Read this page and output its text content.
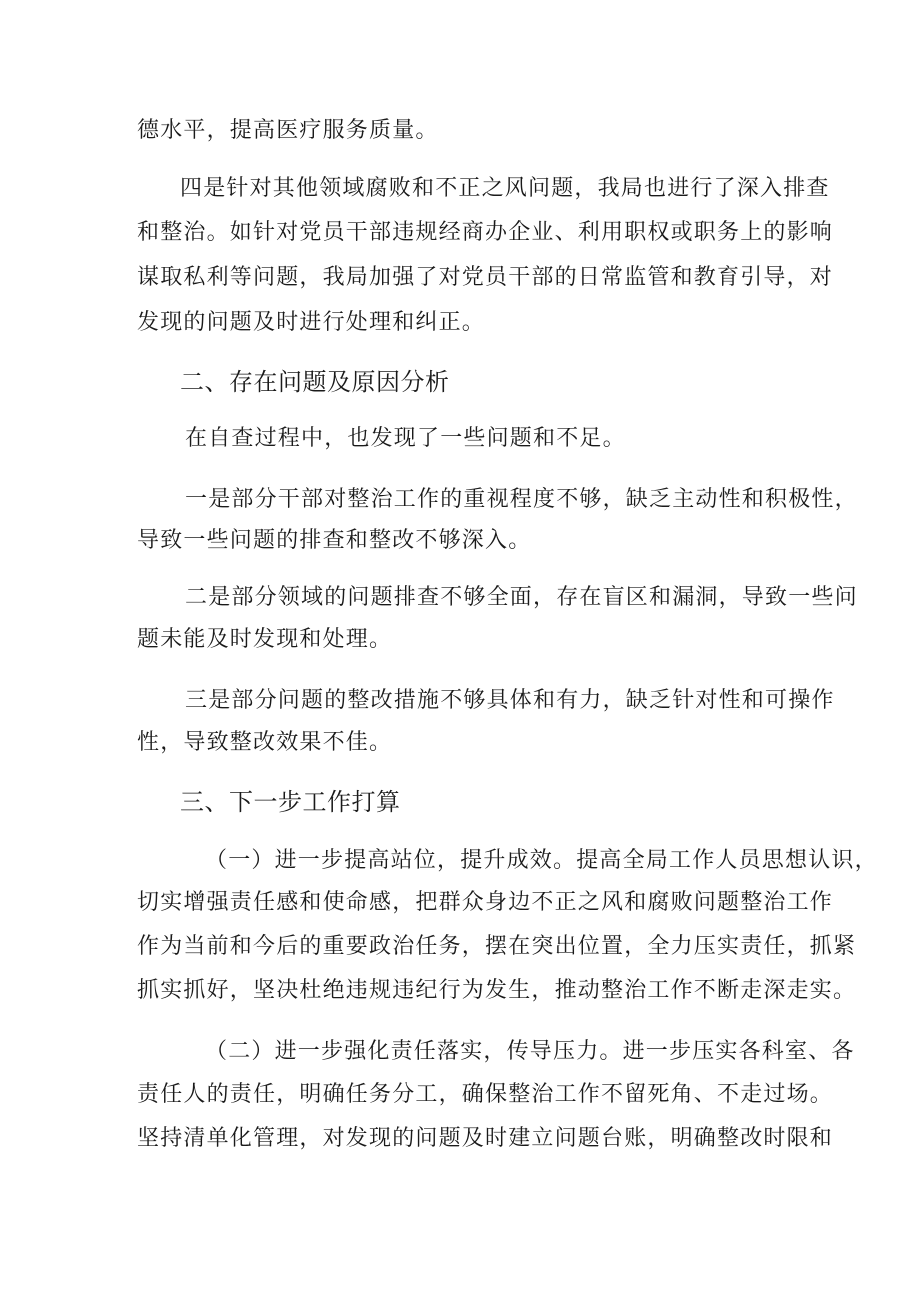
德水平，提高医疗服务质量。
四是针对其他领域腐败和不正之风问题，我局也进行了深入排查
和整治。如针对党员干部违规经商办企业、利用职权或职务上的影响
谋取私利等问题，我局加强了对党员干部的日常监管和教育引导，对
发现的问题及时进行处理和纠正。
二、存在问题及原因分析
在自查过程中，也发现了一些问题和不足。
一是部分干部对整治工作的重视程度不够，缺乏主动性和积极性，
导致一些问题的排查和整改不够深入。
二是部分领域的问题排查不够全面，存在盲区和漏洞，导致一些问
题未能及时发现和处理。
三是部分问题的整改措施不够具体和有力，缺乏针对性和可操作
性，导致整改效果不佳。
三、下一步工作打算
（一）进一步提高站位，提升成效。提高全局工作人员思想认识，
切实增强责任感和使命感，把群众身边不正之风和腐败问题整治工作
作为当前和今后的重要政治任务，摆在突出位置，全力压实责任，抓紧
抓实抓好，坚决杜绝违规违纪行为发生，推动整治工作不断走深走实。
（二）进一步强化责任落实，传导压力。进一步压实各科室、各
责任人的责任，明确任务分工，确保整治工作不留死角、不走过场。
坚持清单化管理，对发现的问题及时建立问题台账，明确整改时限和
